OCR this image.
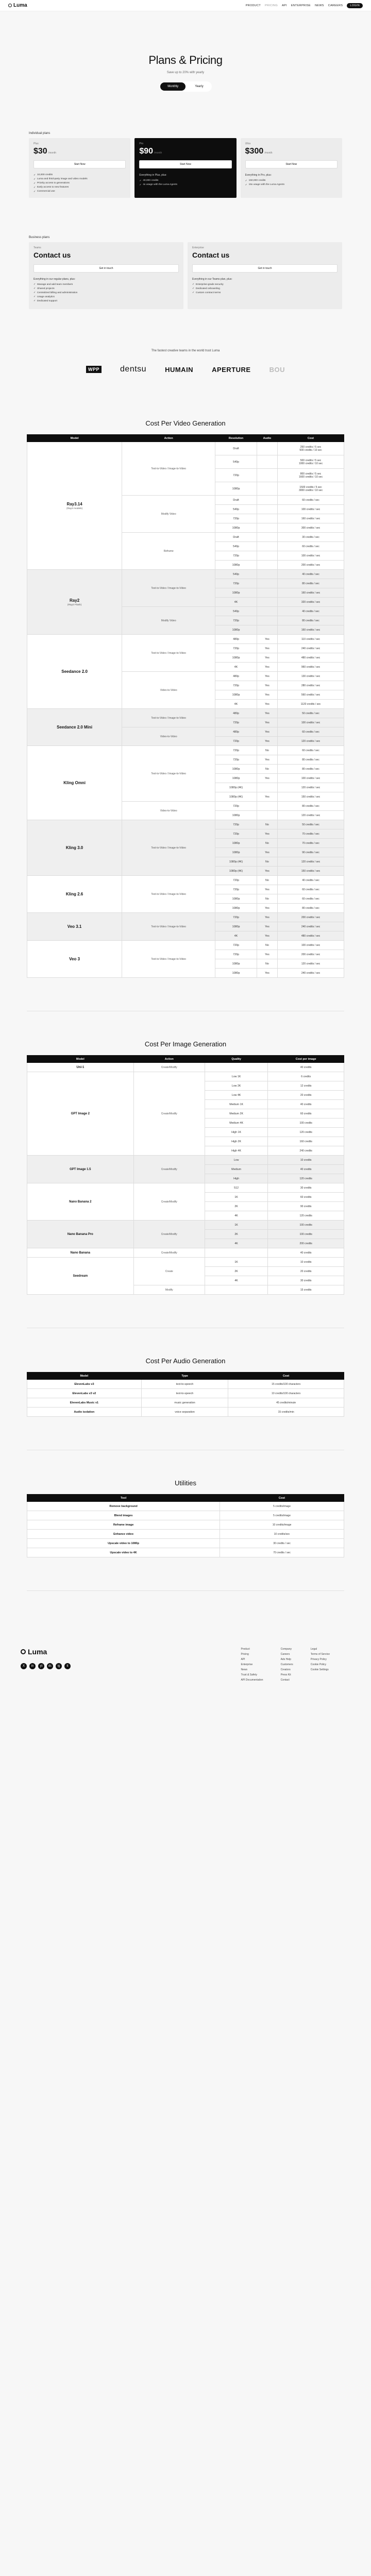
Luma	PRODUCT PRICING API ENTERPRISE NEWS CAREERS	LOGIN
Plans & Pricing
Save up to 20% with yearly
Monthly	Yearly
Individual plans
Plus
$30 /month
Start Now
✓ 10,000 credits
✓ Luma and third-party image and video models
✓ Priority access to generations
✓ Early access to new features
✓ Commercial use
Pro
$90 /month
Start Now
Everything in Plus, plus:
✓ 40,000 credits
✓ 4x usage with the Luma Agents
Ultra
$300 /month
Start Now
Everything in Pro, plus:
✓ 150,000 credits
✓ 15x usage with the Luma Agents
Business plans
Teams
Contact us
Get in touch
Everything in our regular plans, plus:
✓ Manage and add team members
✓ Shared projects
✓ Centralized billing and administration
✓ Usage analytics
✓ Dedicated support
Enterprise
Contact us
Get in touch
Everything in our Teams plan, plus:
✓ Enterprise-grade security
✓ Dedicated onboarding
✓ Custom contract terms
The fastest creative teams in the world trust Luma
WPP	dentsu	HUMAIN	APERTURE	BOU
Cost Per Video Generation
Model	Action	Resolution	Audio	Cost
Ray3.14
(Ray3 models)	Text-to-Video / Image-to-Video	Draft		250 credits / 5 sec
500 credits / 10 sec
		540p		500 credits / 5 sec
1000 credits / 10 sec
		720p		800 credits / 5 sec
1600 credits / 10 sec
		1080p		1500 credits / 5 sec
3000 credits / 10 sec
	Modify Video	Draft		60 credits / sec
		540p		100 credits / sec
		720p		160 credits / sec
		1080p		300 credits / sec
	Reframe	Draft		30 credits / sec
		540p		60 credits / sec
		720p		100 credits / sec
		1080p		200 credits / sec
Ray2
(Ray2 Flash)	Text-to-Video / Image-to-Video	540p		40 credits / sec
		720p		80 credits / sec
		1080p		160 credits / sec
		4K		320 credits / sec
	Modify Video	540p		40 credits / sec
		720p		80 credits / sec
		1080p		160 credits / sec
Seedance 2.0	Text-to-Video / Image-to-Video	480p	Yes	110 credits / sec
		720p	Yes	240 credits / sec
		1080p	Yes	480 credits / sec
		4K	Yes	960 credits / sec
	Video-to-Video	480p	Yes	130 credits / sec
		720p	Yes	280 credits / sec
		1080p	Yes	560 credits / sec
		4K	Yes	1120 credits / sec
Seedance 2.0 Mini	Text-to-Video / Image-to-Video	480p	Yes	50 credits / sec
		720p	Yes	100 credits / sec
	Video-to-Video	480p	Yes	60 credits / sec
		720p	Yes	120 credits / sec
Kling Omni	Text-to-Video / Image-to-Video	720p	No	60 credits / sec
		720p	Yes	80 credits / sec
		1080p	No	80 credits / sec
		1080p	Yes	100 credits / sec
		1080p (4K)		120 credits / sec
		1080p (4K)	Yes	150 credits / sec
	Video-to-Video	720p		80 credits / sec
		1080p		120 credits / sec
Kling 3.0	Text-to-Video / Image-to-Video	720p	No	50 credits / sec
		720p	Yes	70 credits / sec
		1080p	No	70 credits / sec
		1080p	Yes	90 credits / sec
		1080p (4K)	No	120 credits / sec
		1080p (4K)	Yes	150 credits / sec
Kling 2.6	Text-to-Video / Image-to-Video	720p	No	40 credits / sec
		720p	Yes	60 credits / sec
		1080p	No	60 credits / sec
		1080p	Yes	80 credits / sec
Veo 3.1	Text-to-Video / Image-to-Video	720p	Yes	200 credits / sec
		1080p	Yes	240 credits / sec
		4K	Yes	480 credits / sec
Veo 3	Text-to-Video / Image-to-Video	720p	No	100 credits / sec
		720p	Yes	200 credits / sec
		1080p	No	120 credits / sec
		1080p	Yes	240 credits / sec
Cost Per Image Generation
Model	Action	Quality	Cost per image
Uni-1	Create/Modify		40 credits
GPT Image 2	Create/Modify	Low 1K	6 credits
		Low 2K	12 credits
		Low 4K	20 credits
		Medium 1K	40 credits
		Medium 2K	60 credits
		Medium 4K	100 credits
		High 1K	120 credits
		High 2K	160 credits
		High 4K	240 credits
GPT Image 1.5	Create/Modify	Low	10 credits
		Medium	40 credits
		High	120 credits
Nano Banana 2	Create/Modify	512	30 credits
		1K	60 credits
		2K	90 credits
		4K	120 credits
Nano Banana Pro	Create/Modify	1K	100 credits
		2K	100 credits
		4K	200 credits
Nano Banana	Create/Modify		40 credits
Seedream	Create	1K	10 credits
		2K	20 credits
		4K	30 credits
	Modify		15 credits
Cost Per Audio Generation
Model	Type	Cost
ElevenLabs v3	text-to-speech	15 credits/100 characters
ElevenLabs v3 v2	text-to-speech	10 credits/100 characters
ElevenLabs Music v1	music generation	45 credits/minute
Audio isolation	voice separation	15 credits/min
Utilities
Tool	Cost
Remove background	5 credits/image
Blend images	5 credits/image
Reframe image	10 credits/image
Enhance video	10 credits/sec
Upscale video to 1080p	30 credits / sec
Upscale video to 4K	70 credits / sec
Luma
X	in	yt	dc	ig	tt
Product
Pricing
API
Enterprise
News
Trust & Safety
API Documentation
Company
Careers
Ads Help
Customers
Creators
Press Kit
Contact
Legal
Terms of Service
Privacy Policy
Cookie Policy
Cookie Settings
